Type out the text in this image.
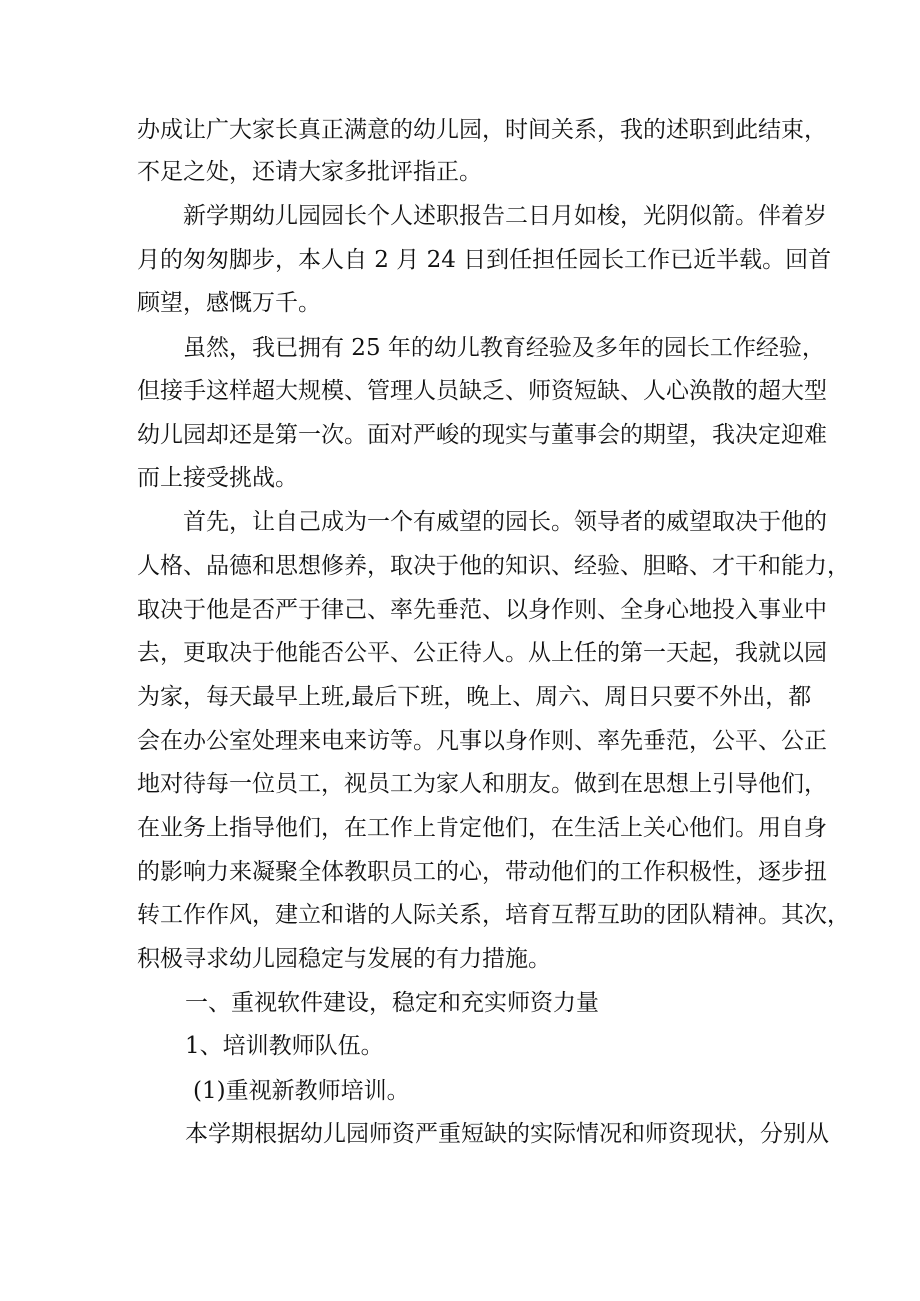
办成让广大家长真正满意的幼儿园，时间关系，我的述职到此结束，
不足之处，还请大家多批评指正。
新学期幼儿园园长个人述职报告二日月如梭，光阴似箭。伴着岁
月的匆匆脚步，本人自 2 月 24 日到任担任园长工作已近半载。回首
顾望，感慨万千。
虽然，我已拥有 25 年的幼儿教育经验及多年的园长工作经验，
但接手这样超大规模、管理人员缺乏、师资短缺、人心涣散的超大型
幼儿园却还是第一次。面对严峻的现实与董事会的期望，我决定迎难
而上接受挑战。
首先，让自己成为一个有威望的园长。领导者的威望取决于他的
人格、品德和思想修养，取决于他的知识、经验、胆略、才干和能力，
取决于他是否严于律己、率先垂范、以身作则、全身心地投入事业中
去，更取决于他能否公平、公正待人。从上任的第一天起，我就以园
为家，每天最早上班,最后下班，晚上、周六、周日只要不外出，都
会在办公室处理来电来访等。凡事以身作则、率先垂范，公平、公正
地对待每一位员工，视员工为家人和朋友。做到在思想上引导他们，
在业务上指导他们，在工作上肯定他们，在生活上关心他们。用自身
的影响力来凝聚全体教职员工的心，带动他们的工作积极性，逐步扭
转工作作风，建立和谐的人际关系，培育互帮互助的团队精神。其次，
积极寻求幼儿园稳定与发展的有力措施。
一、重视软件建设，稳定和充实师资力量
1、培训教师队伍。
(1)重视新教师培训。
本学期根据幼儿园师资严重短缺的实际情况和师资现状，分别从
